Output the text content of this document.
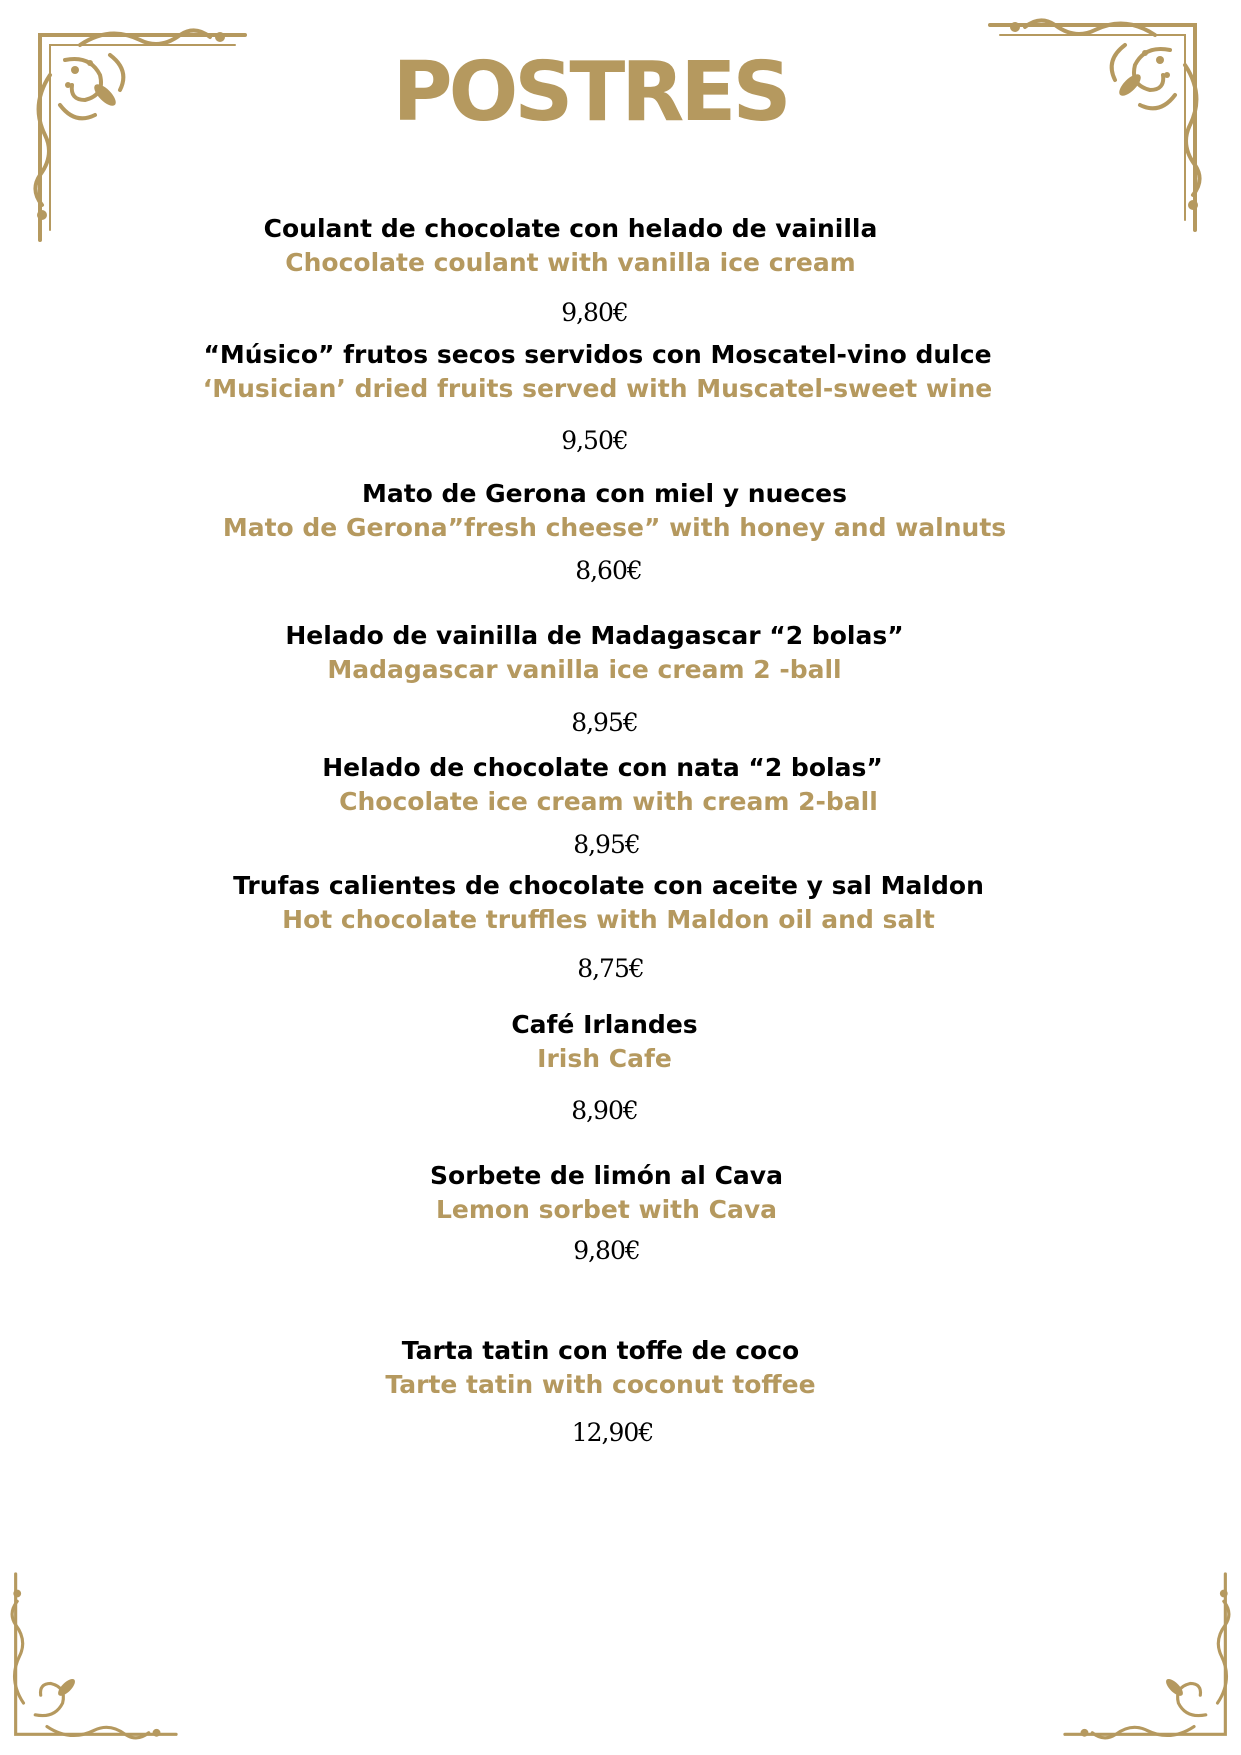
POSTRES
Coulant de chocolate con helado de vainilla
Chocolate coulant with vanilla ice cream
9,80€
“Músico” frutos secos servidos con Moscatel-vino dulce
‘Musician’ dried fruits served with Muscatel-sweet wine
9,50€
Mato de Gerona con miel y nueces
Mato de Gerona”fresh cheese” with honey and walnuts
8,60€
Helado de vainilla de Madagascar “2 bolas”
Madagascar vanilla ice cream 2 -ball
8,95€
Helado de chocolate con nata “2 bolas”
Chocolate ice cream with cream 2-ball
8,95€
Trufas calientes de chocolate con aceite y sal Maldon
Hot chocolate truffles with Maldon oil and salt
8,75€
Café Irlandes
Irish Cafe
8,90€
Sorbete de limón al Cava
Lemon sorbet with Cava
9,80€
Tarta tatin con toffe de coco
Tarte tatin with coconut toffee
12,90€
